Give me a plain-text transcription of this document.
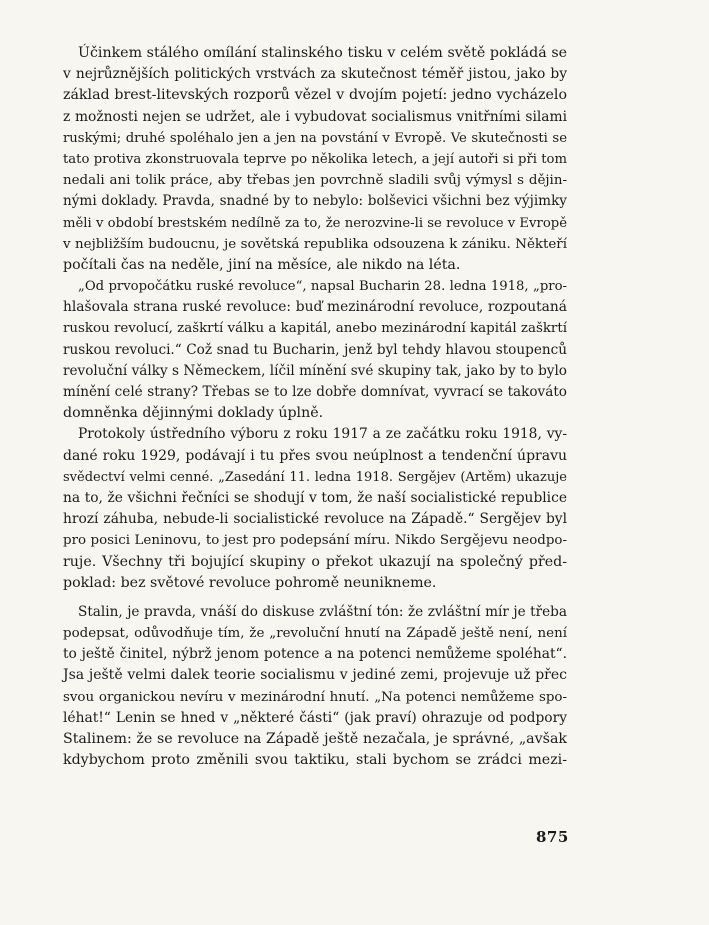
Účinkem stálého omílání stalinského tisku v celém světě pokládá se
v nejrůznějších politických vrstvách za skutečnost téměř jistou, jako by
základ brest-litevských rozporů vězel v dvojím pojetí: jedno vycházelo
z možnosti nejen se udržet, ale i vybudovat socialismus vnitřními silami
ruskými; druhé spoléhalo jen a jen na povstání v Evropě. Ve skutečnosti se
tato protiva zkonstruovala teprve po několika letech, a její autoři si při tom
nedali ani tolik práce, aby třebas jen povrchně sladili svůj výmysl s dějin-
nými doklady. Pravda, snadné by to nebylo: bolševici všichni bez výjimky
měli v období brestském nedílně za to, že nerozvine-li se revoluce v Evropě
v nejbližším budoucnu, je sovětská republika odsouzena k zániku. Někteří
počítali čas na neděle, jiní na měsíce, ale nikdo na léta.
„Od prvopočátku ruské revoluce“, napsal Bucharin 28. ledna 1918, „pro-
hlašovala strana ruské revoluce: buď mezinárodní revoluce, rozpoutaná
ruskou revolucí, zaškrtí válku a kapitál, anebo mezinárodní kapitál zaškrtí
ruskou revoluci.“ Což snad tu Bucharin, jenž byl tehdy hlavou stoupenců
revoluční války s Německem, líčil mínění své skupiny tak, jako by to bylo
mínění celé strany? Třebas se to lze dobře domnívat, vyvrací se takováto
domněnka dějinnými doklady úplně.
Protokoly ústředního výboru z roku 1917 a ze začátku roku 1918, vy-
dané roku 1929, podávají i tu přes svou neúplnost a tendenční úpravu
svědectví velmi cenné. „Zasedání 11. ledna 1918. Sergějev (Artěm) ukazuje
na to, že všichni řečníci se shodují v tom, že naší socialistické republice
hrozí záhuba, nebude-li socialistické revoluce na Západě.“ Sergějev byl
pro posici Leninovu, to jest pro podepsání míru. Nikdo Sergějevu neodpo-
ruje. Všechny tři bojující skupiny o překot ukazují na společný před-
poklad: bez světové revoluce pohromě neunikneme.
Stalin, je pravda, vnáší do diskuse zvláštní tón: že zvláštní mír je třeba
podepsat, odůvodňuje tím, že „revoluční hnutí na Západě ještě není, není
to ještě činitel, nýbrž jenom potence a na potenci nemůžeme spoléhat“.
Jsa ještě velmi dalek teorie socialismu v jediné zemi, projevuje už přec
svou organickou nevíru v mezinárodní hnutí. „Na potenci nemůžeme spo-
léhat!“ Lenin se hned v „některé části“ (jak praví) ohrazuje od podpory
Stalinem: že se revoluce na Západě ještě nezačala, je správné, „avšak
kdybychom proto změnili svou taktiku, stali bychom se zrádci mezi-
875
